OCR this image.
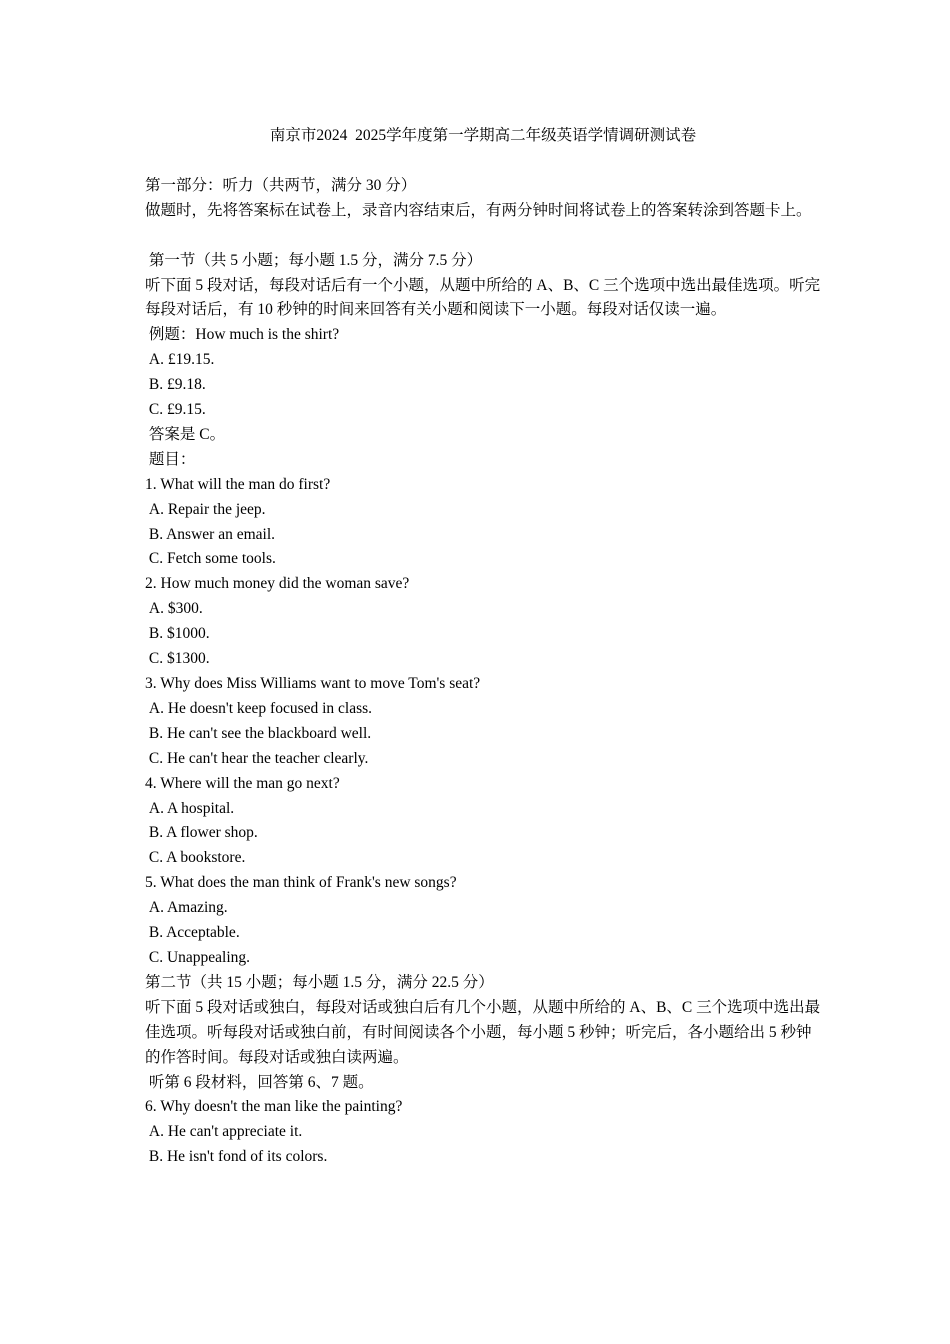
南京市2024  2025学年度第一学期高二年级英语学情调研测试卷
第一部分：听力（共两节，满分 30 分）
做题时，先将答案标在试卷上，录音内容结束后，有两分钟时间将试卷上的答案转涂到答题卡上。
第一节（共 5 小题；每小题 1.5 分，满分 7.5 分）
听下面 5 段对话，每段对话后有一个小题，从题中所给的 A、B、C 三个选项中选出最佳选项。听完每段对话后，有 10 秒钟的时间来回答有关小题和阅读下一小题。每段对话仅读一遍。
例题：How much is the shirt?
A. £19.15.
B. £9.18.
C. £9.15.
答案是 C。
题目：
1. What will the man do first?
A. Repair the jeep.
B. Answer an email.
C. Fetch some tools.
2. How much money did the woman save?
A. $300.
B. $1000.
C. $1300.
3. Why does Miss Williams want to move Tom's seat?
A. He doesn't keep focused in class.
B. He can't see the blackboard well.
C. He can't hear the teacher clearly.
4. Where will the man go next?
A. A hospital.
B. A flower shop.
C. A bookstore.
5. What does the man think of Frank's new songs?
A. Amazing.
B. Acceptable.
C. Unappealing.
第二节（共 15 小题；每小题 1.5 分，满分 22.5 分）
听下面 5 段对话或独白，每段对话或独白后有几个小题，从题中所给的 A、B、C 三个选项中选出最佳选项。听每段对话或独白前，有时间阅读各个小题，每小题 5 秒钟；听完后，各小题给出 5 秒钟的作答时间。每段对话或独白读两遍。
听第 6 段材料，回答第 6、7 题。
6. Why doesn't the man like the painting?
A. He can't appreciate it.
B. He isn't fond of its colors.
